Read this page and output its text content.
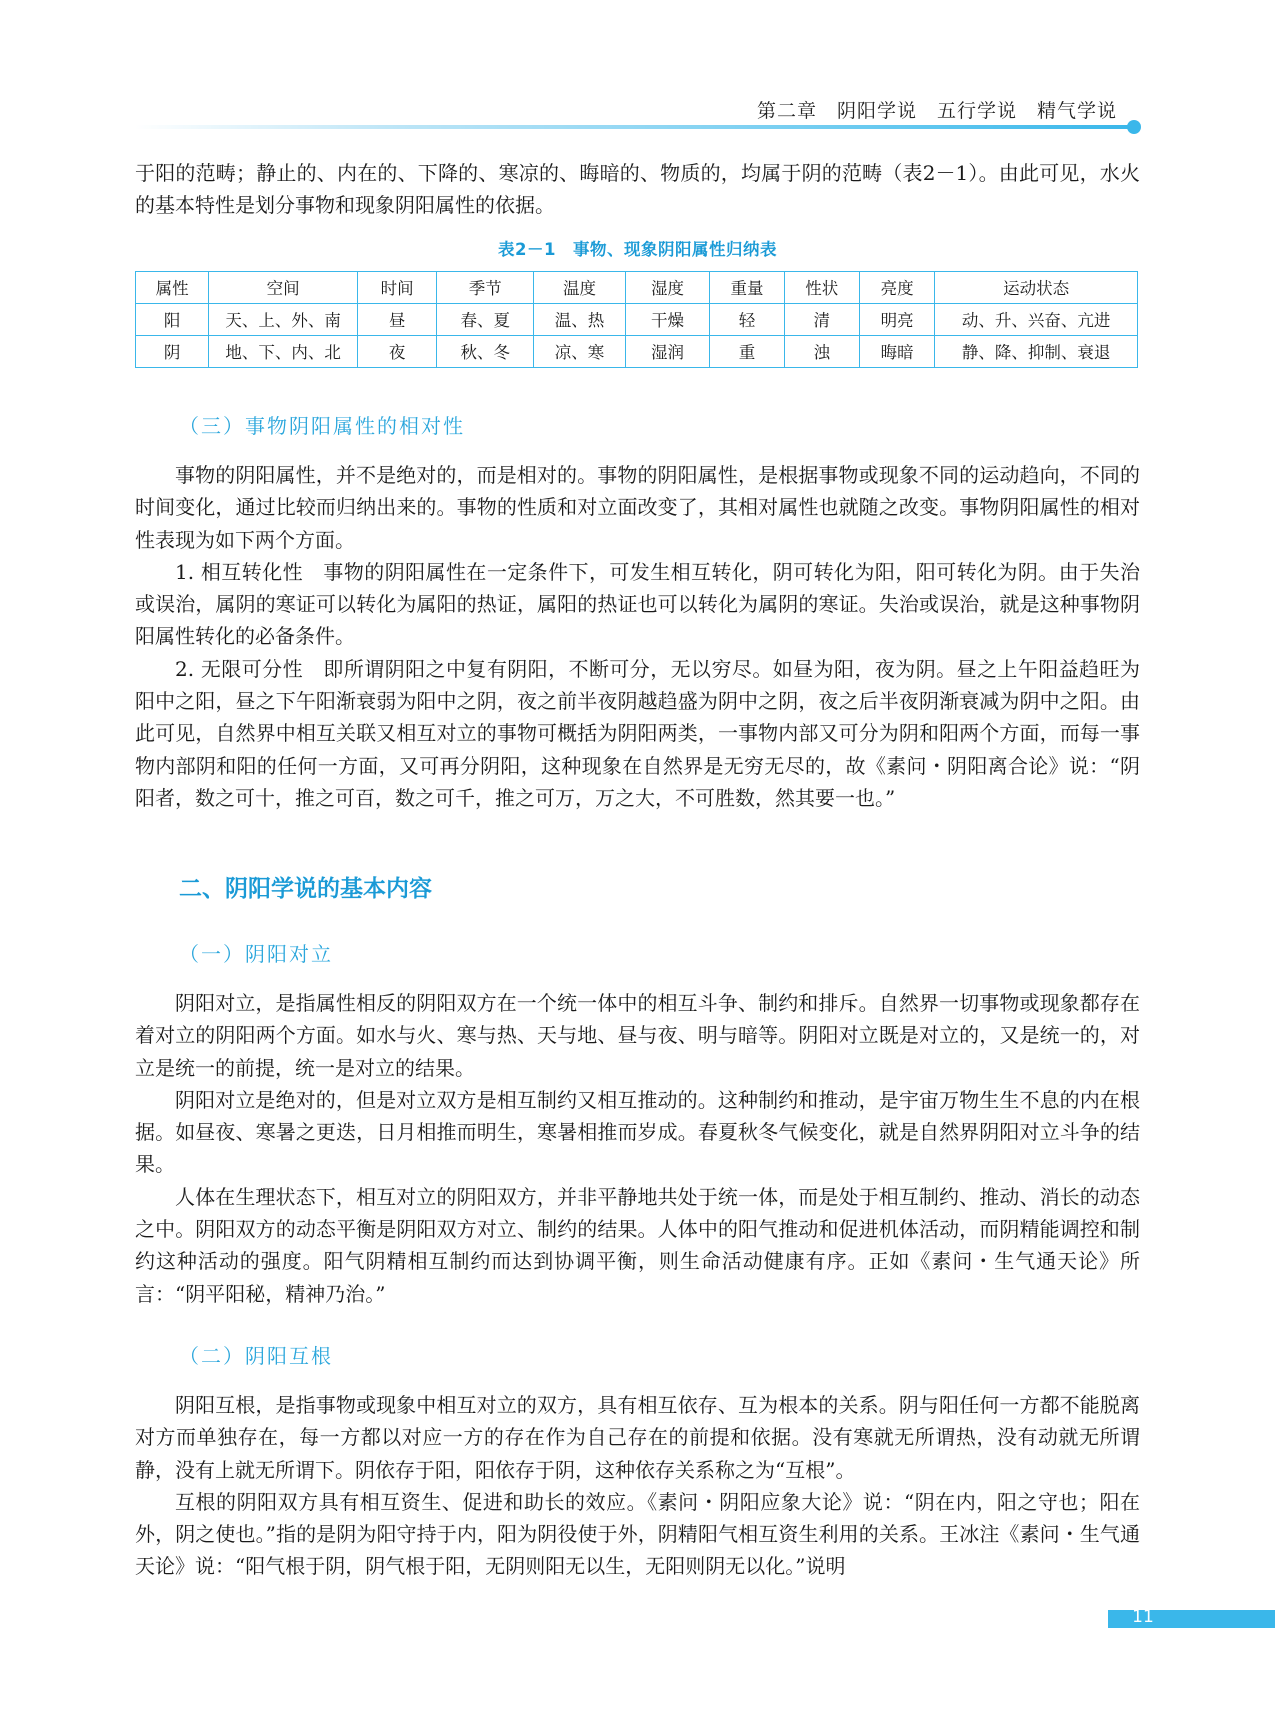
第二章　阴阳学说　五行学说　精气学说

于阳的范畴；静止的、内在的、下降的、寒凉的、晦暗的、物质的，均属于阴的范畴（表2－1）。由此可见，水火的基本特性是划分事物和现象阴阳属性的依据。

表2－1　事物、现象阴阳属性归纳表
属性	空间	时间	季节	温度	湿度	重量	性状	亮度	运动状态
阳	天、上、外、南	昼	春、夏	温、热	干燥	轻	清	明亮	动、升、兴奋、亢进
阴	地、下、内、北	夜	秋、冬	凉、寒	湿润	重	浊	晦暗	静、降、抑制、衰退
（三）事物阴阳属性的相对性

事物的阴阳属性，并不是绝对的，而是相对的。事物的阴阳属性，是根据事物或现象不同的运动趋向，不同的时间变化，通过比较而归纳出来的。事物的性质和对立面改变了，其相对属性也就随之改变。事物阴阳属性的相对性表现为如下两个方面。

1. 相互转化性　事物的阴阳属性在一定条件下，可发生相互转化，阴可转化为阳，阳可转化为阴。由于失治或误治，属阴的寒证可以转化为属阳的热证，属阳的热证也可以转化为属阴的寒证。失治或误治，就是这种事物阴阳属性转化的必备条件。

2. 无限可分性　即所谓阴阳之中复有阴阳，不断可分，无以穷尽。如昼为阳，夜为阴。昼之上午阳益趋旺为阳中之阳，昼之下午阳渐衰弱为阳中之阴，夜之前半夜阴越趋盛为阴中之阴，夜之后半夜阴渐衰减为阴中之阳。由此可见，自然界中相互关联又相互对立的事物可概括为阴阳两类，一事物内部又可分为阴和阳两个方面，而每一事物内部阴和阳的任何一方面，又可再分阴阳，这种现象在自然界是无穷无尽的，故《素问・阴阳离合论》说：“阴阳者，数之可十，推之可百，数之可千，推之可万，万之大，不可胜数，然其要一也。”

二、阴阳学说的基本内容
（一）阴阳对立

阴阳对立，是指属性相反的阴阳双方在一个统一体中的相互斗争、制约和排斥。自然界一切事物或现象都存在着对立的阴阳两个方面。如水与火、寒与热、天与地、昼与夜、明与暗等。阴阳对立既是对立的，又是统一的，对立是统一的前提，统一是对立的结果。

阴阳对立是绝对的，但是对立双方是相互制约又相互推动的。这种制约和推动，是宇宙万物生生不息的内在根据。如昼夜、寒暑之更迭，日月相推而明生，寒暑相推而岁成。春夏秋冬气候变化，就是自然界阴阳对立斗争的结果。

人体在生理状态下，相互对立的阴阳双方，并非平静地共处于统一体，而是处于相互制约、推动、消长的动态之中。阴阳双方的动态平衡是阴阳双方对立、制约的结果。人体中的阳气推动和促进机体活动，而阴精能调控和制约这种活动的强度。阳气阴精相互制约而达到协调平衡，则生命活动健康有序。正如《素问・生气通天论》所言：“阴平阳秘，精神乃治。”

（二）阴阳互根

阴阳互根，是指事物或现象中相互对立的双方，具有相互依存、互为根本的关系。阴与阳任何一方都不能脱离对方而单独存在，每一方都以对应一方的存在作为自己存在的前提和依据。没有寒就无所谓热，没有动就无所谓静，没有上就无所谓下。阴依存于阳，阳依存于阴，这种依存关系称之为“互根”。

互根的阴阳双方具有相互资生、促进和助长的效应。《素问・阴阳应象大论》说：“阴在内，阳之守也；阳在外，阴之使也。”指的是阴为阳守持于内，阳为阴役使于外，阴精阳气相互资生利用的关系。王冰注《素问・生气通天论》说：“阳气根于阴，阴气根于阳，无阴则阳无以生，无阳则阴无以化。”说明

11
